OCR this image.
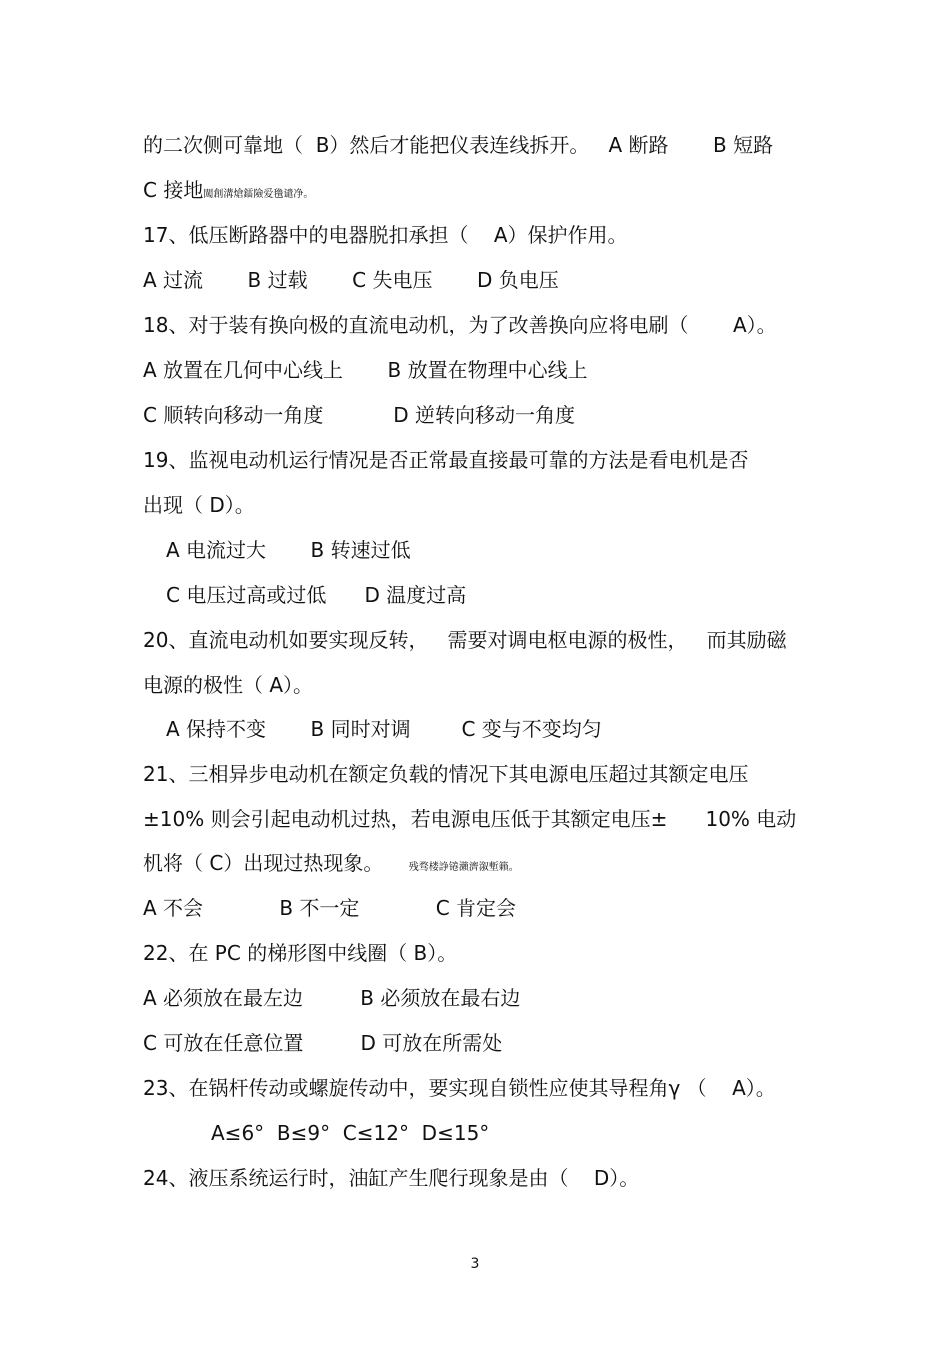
的二次侧可靠地（  B）然后才能把仪表连线拆开。   A 断路       B 短路
C 接地闖創溝熗鐳險爱氇谴净。
17、低压断路器中的电器脱扣承担（    A）保护作用。
A 过流       B 过载       C 失电压       D 负电压
18、对于装有换向极的直流电动机，为了改善换向应将电刷（       A）。
A 放置在几何中心线上       B 放置在物理中心线上
C 顺转向移动一角度           D 逆转向移动一角度
19、监视电动机运行情况是否正常最直接最可靠的方法是看电机是否
出现（ D）。
A 电流过大       B 转速过低
C 电压过高或过低      D 温度过高
20、直流电动机如要实现反转，   需要对调电枢电源的极性，   而其励磁
电源的极性（ A）。
A 保持不变       B 同时对调        C 变与不变均匀
21、三相异步电动机在额定负载的情况下其电源电压超过其额定电压
±10% 则会引起电动机过热，若电源电压低于其额定电压±      10% 电动
机将（ C）出现过热现象。	残骛楼諍锩瀨濟溆塹籟。
A 不会            B 不一定            C 肯定会
22、在 PC 的梯形图中线圈（ B）。
A 必须放在最左边         B 必须放在最右边
C 可放在任意位置         D 可放在所需处
23、在锅杆传动或螺旋传动中，要实现自锁性应使其导程角γ （    A）。
A≤6°  B≤9°  C≤12°  D≤15°
24、液压系统运行时，油缸产生爬行现象是由（    D）。
3
